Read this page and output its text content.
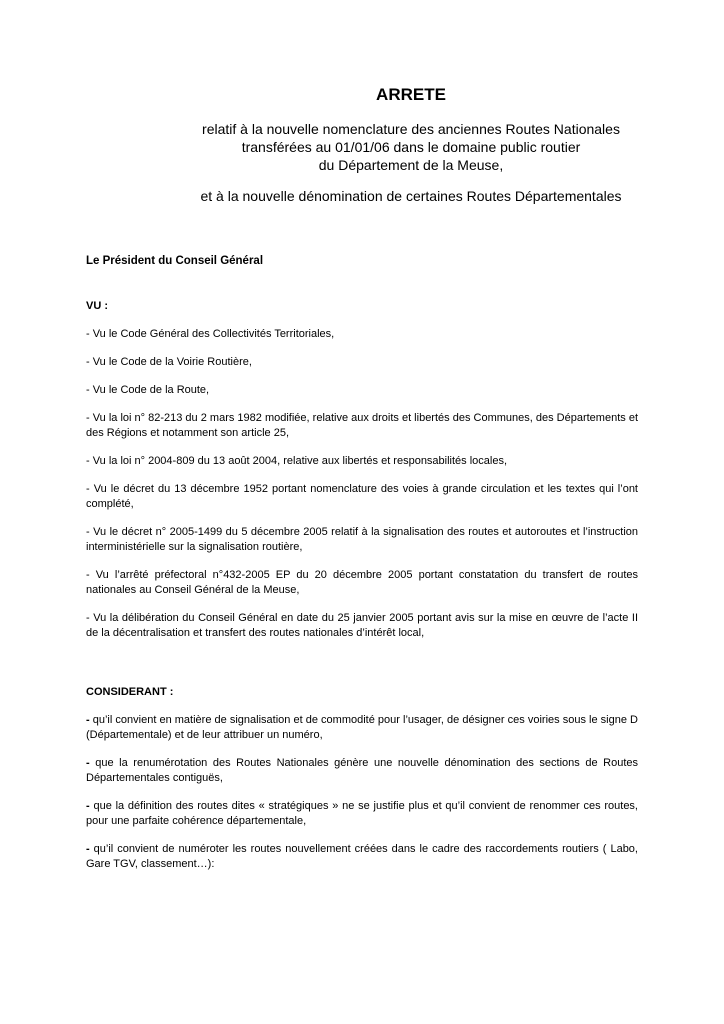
ARRETE
relatif à la nouvelle nomenclature des anciennes Routes Nationales
transférées au 01/01/06 dans le domaine public routier
du Département de la Meuse,
et à la nouvelle dénomination de certaines Routes Départementales

Le Président du Conseil Général

VU :

- Vu le Code Général des Collectivités Territoriales,

- Vu le Code de la Voirie Routière,

- Vu le Code de la Route,

- Vu la loi n° 82-213 du 2 mars 1982 modifiée, relative aux droits et libertés des Communes, des Départements et des Régions et notamment son article 25,

- Vu la loi n° 2004-809 du 13 août 2004, relative aux libertés et responsabilités locales,

- Vu le décret du 13 décembre 1952 portant nomenclature des voies à grande circulation et les textes qui l’ont complété,

- Vu le décret n° 2005-1499 du 5 décembre 2005 relatif à la signalisation des routes et autoroutes et l’instruction interministérielle sur la signalisation routière,

- Vu l’arrêté préfectoral n°432-2005 EP du 20 décembre 2005 portant constatation du transfert de routes nationales au Conseil Général de la Meuse,

- Vu la délibération du Conseil Général en date du 25 janvier 2005 portant avis sur la mise en œuvre de l’acte II de la décentralisation et transfert des routes nationales d’intérêt local,

CONSIDERANT :

- qu’il convient en matière de signalisation et de commodité pour l’usager, de désigner ces voiries sous le signe D (Départementale) et de leur attribuer un numéro,

- que la renumérotation des Routes Nationales génère une nouvelle dénomination des sections de Routes Départementales contiguës,

- que la définition des routes dites « stratégiques » ne se justifie plus et qu’il convient de renommer ces routes, pour une parfaite cohérence départementale,

- qu’il convient de numéroter les routes nouvellement créées dans le cadre des raccordements routiers ( Labo, Gare TGV, classement…):
